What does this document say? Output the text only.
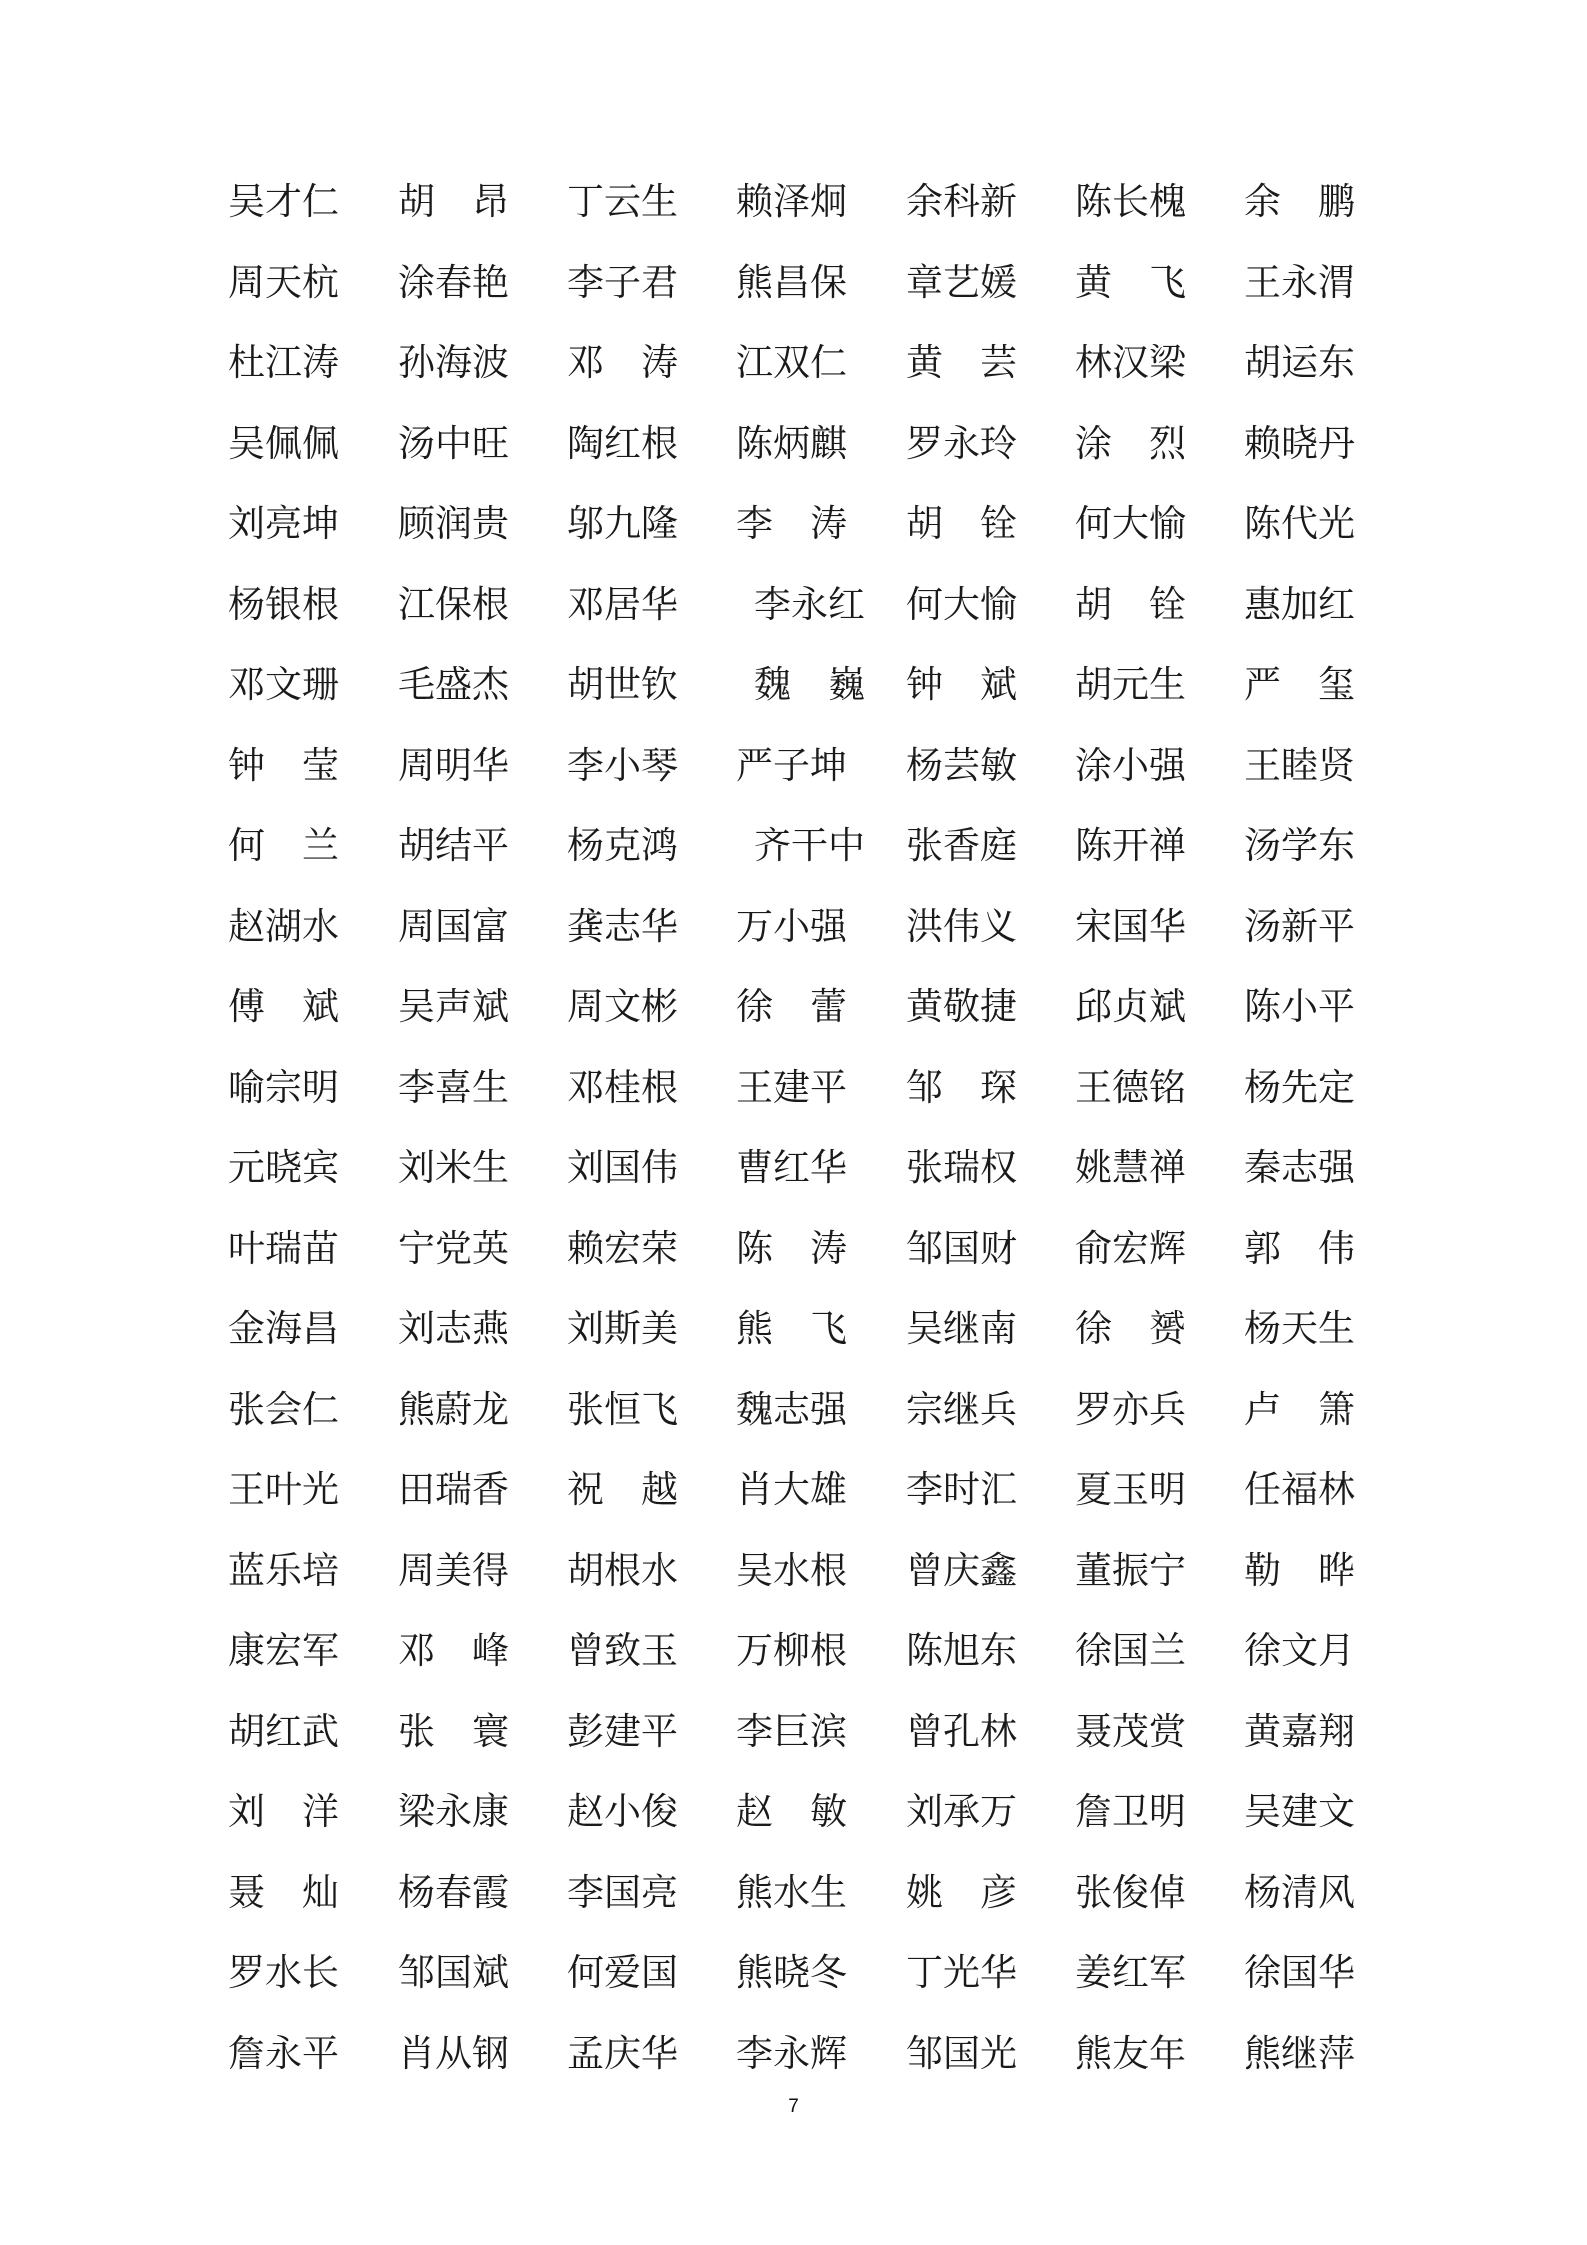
吴才仁 胡　昂 丁云生 赖泽炯 余科新 陈长槐 余　鹏
周天杭 涂春艳 李子君 熊昌保 章艺媛 黄　飞 王永渭
杜江涛 孙海波 邓　涛 江双仁 黄　芸 林汉梁 胡运东
吴佩佩 汤中旺 陶红根 陈炳麒 罗永玲 涂　烈 赖晓丹
刘亮坤 顾润贵 邬九隆 李　涛 胡　铨 何大愉 陈代光
杨银根 江保根 邓居华 李永红 何大愉 胡　铨 惠加红
邓文珊 毛盛杰 胡世钦 魏　巍 钟　斌 胡元生 严　玺
钟　莹 周明华 李小琴 严子坤 杨芸敏 涂小强 王睦贤
何　兰 胡结平 杨克鸿 齐干中 张香庭 陈开禅 汤学东
赵湖水 周国富 龚志华 万小强 洪伟义 宋国华 汤新平
傅　斌 吴声斌 周文彬 徐　蕾 黄敬捷 邱贞斌 陈小平
喻宗明 李喜生 邓桂根 王建平 邹　琛 王德铭 杨先定
元晓宾 刘米生 刘国伟 曹红华 张瑞权 姚慧禅 秦志强
叶瑞苗 宁党英 赖宏荣 陈　涛 邹国财 俞宏辉 郭　伟
金海昌 刘志燕 刘斯美 熊　飞 吴继南 徐　赟 杨天生
张会仁 熊蔚龙 张恒飞 魏志强 宗继兵 罗亦兵 卢　箫
王叶光 田瑞香 祝　越 肖大雄 李时汇 夏玉明 任福林
蓝乐培 周美得 胡根水 吴水根 曾庆鑫 董振宁 勒　晔
康宏军 邓　峰 曾致玉 万柳根 陈旭东 徐国兰 徐文月
胡红武 张　寰 彭建平 李巨滨 曾孔林 聂茂赏 黄嘉翔
刘　洋 梁永康 赵小俊 赵　敏 刘承万 詹卫明 吴建文
聂　灿 杨春霞 李国亮 熊水生 姚　彦 张俊倬 杨清风
罗水长 邹国斌 何爱国 熊晓冬 丁光华 姜红军 徐国华
詹永平 肖从钢 孟庆华 李永辉 邹国光 熊友年 熊继萍
7
